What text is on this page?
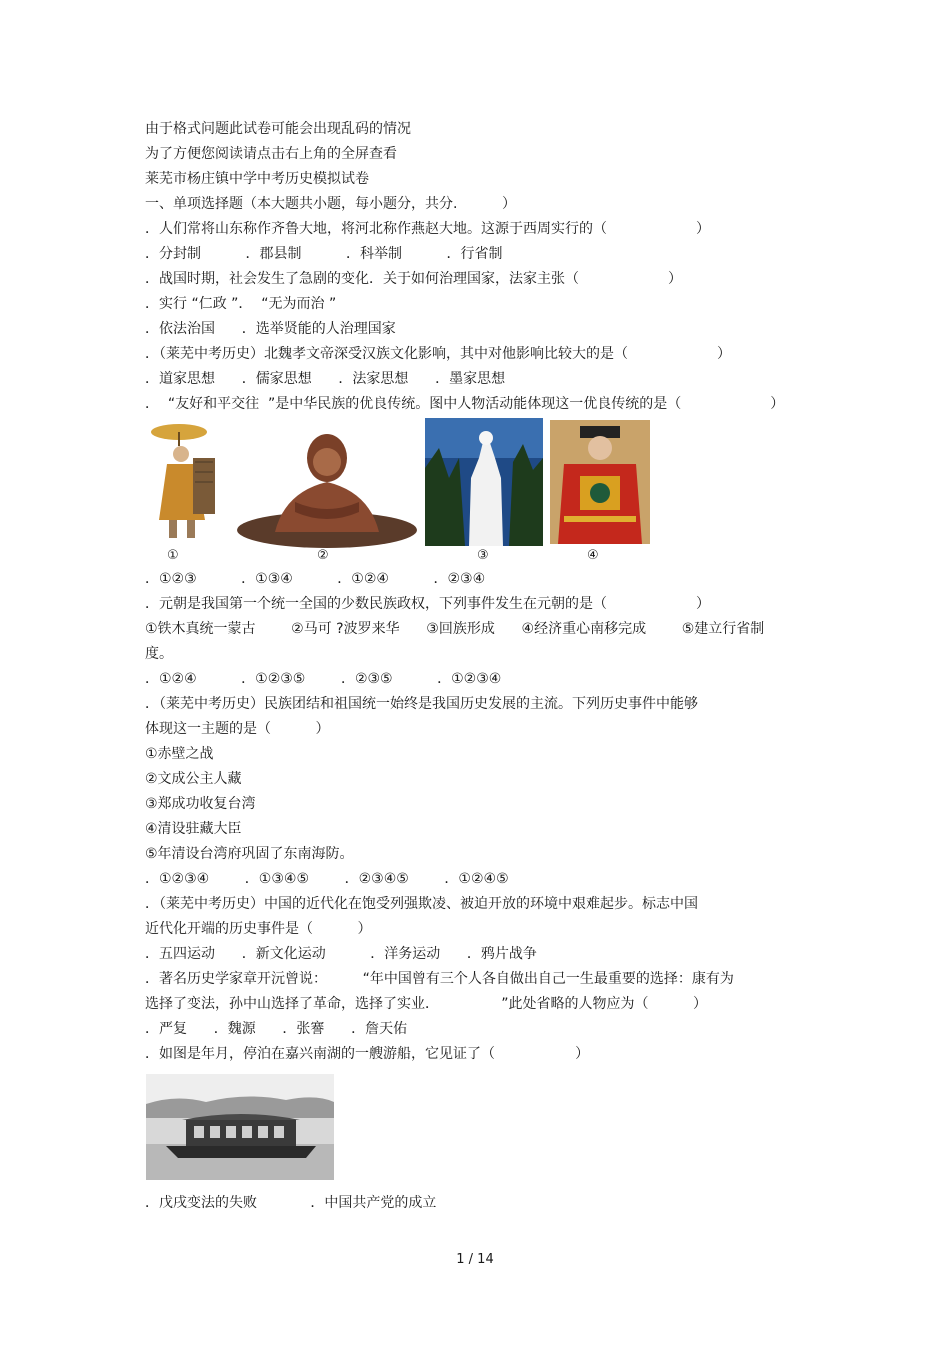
由于格式问题此试卷可能会出现乱码的情况
为了方便您阅读请点击右上角的全屏查看
莱芜市杨庄镇中学中考历史模拟试卷
一、单项选择题（本大题共小题，每小题分，共分.          ）
．人们常将山东称作齐鲁大地，将河北称作燕赵大地。这源于西周实行的（                    ）
．分封制          ．郡县制          ．科举制          ．行省制
．战国时期，社会发生了急剧的变化．关于如何治理国家，法家主张（                    ）
．实行 “仁政 ”．  “无为而治 ”
．依法治国      ．选举贤能的人治理国家
．（莱芜中考历史）北魏孝文帝深受汉族文化影响，其中对他影响比较大的是（                    ）
．道家思想      ．儒家思想      ．法家思想      ．墨家思想
．  “友好和平交往  ”是中华民族的优良传统。图中人物活动能体现这一优良传统的是（                    ）
①	②	③	④
．①②③          ．①③④          ．①②④          ．②③④
．元朝是我国第一个统一全国的少数民族政权，下列事件发生在元朝的是（                    ）
①铁木真统一蒙古        ②马可 ?波罗来华      ③回族形成      ④经济重心南移完成        ⑤建立行省制
度。
．①②④          ．①②③⑤        ．②③⑤          ．①②③④
．（莱芜中考历史）民族团结和祖国统一始终是我国历史发展的主流。下列历史事件中能够
体现这一主题的是（          ）
①赤壁之战
②文成公主人藏
③郑成功收复台湾
④清设驻藏大臣
⑤年清设台湾府巩固了东南海防。
．①②③④        ．①③④⑤        ．②③④⑤        ．①②④⑤
．（莱芜中考历史）中国的近代化在饱受列强欺凌、被迫开放的环境中艰难起步。标志中国
近代化开端的历史事件是（          ）
．五四运动      ．新文化运动          ．洋务运动      ．鸦片战争
．著名历史学家章开沅曾说：        “年中国曾有三个人各自做出自己一生最重要的选择：康有为
选择了变法，孙中山选择了革命，选择了实业．              ”此处省略的人物应为（          ）
．严复      ．魏源      ．张謇      ．詹天佑
．如图是年月，停泊在嘉兴南湖的一艘游船，它见证了（                  ）
．戊戌变法的失败            ．中国共产党的成立
1 / 14
